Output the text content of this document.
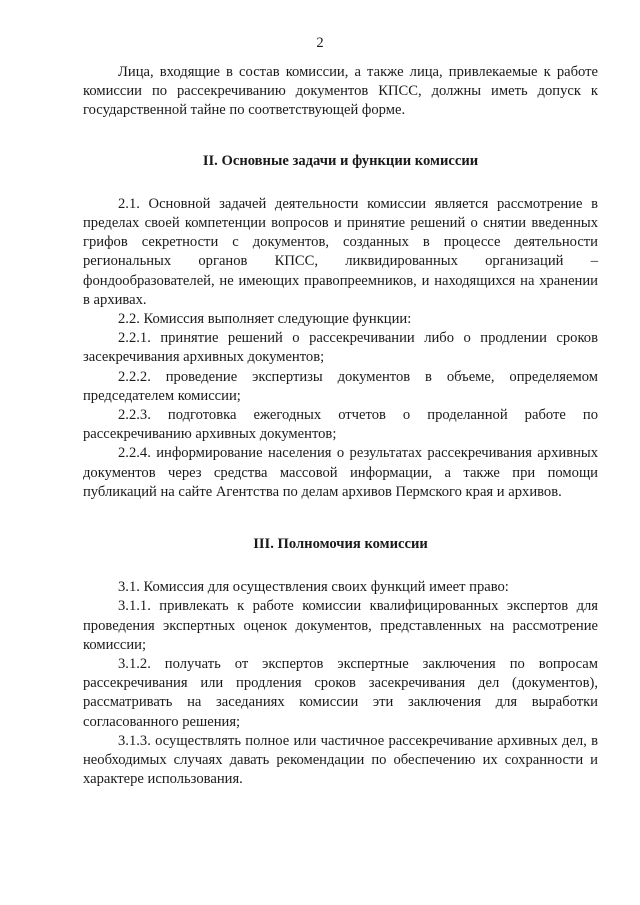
2

Лица, входящие в состав комиссии, а также лица, привлекаемые к работе комиссии по рассекречиванию документов КПСС, должны иметь допуск к государственной тайне по соответствующей форме.

II. Основные задачи и функции комиссии

2.1. Основной задачей деятельности комиссии является рассмотрение в пределах своей компетенции вопросов и принятие решений о снятии введенных грифов секретности с документов, созданных в процессе деятельности региональных органов КПСС, ликвидированных организаций – фондообразователей, не имеющих правопреемников, и находящихся на хранении в архивах.

2.2. Комиссия выполняет следующие функции:

2.2.1. принятие решений о рассекречивании либо о продлении сроков засекречивания архивных документов;

2.2.2. проведение экспертизы документов в объеме, определяемом председателем комиссии;

2.2.3. подготовка ежегодных отчетов о проделанной работе по рассекречиванию архивных документов;

2.2.4. информирование населения о результатах рассекречивания архивных документов через средства массовой информации, а также при помощи публикаций на сайте Агентства по делам архивов Пермского края и архивов.

III. Полномочия комиссии

3.1. Комиссия для осуществления своих функций имеет право:

3.1.1. привлекать к работе комиссии квалифицированных экспертов для проведения экспертных оценок документов, представленных на рассмотрение комиссии;

3.1.2. получать от экспертов экспертные заключения по вопросам рассекречивания или продления сроков засекречивания дел (документов), рассматривать на заседаниях комиссии эти заключения для выработки согласованного решения;

3.1.3. осуществлять полное или частичное рассекречивание архивных дел, в необходимых случаях давать рекомендации по обеспечению их сохранности и характере использования.
